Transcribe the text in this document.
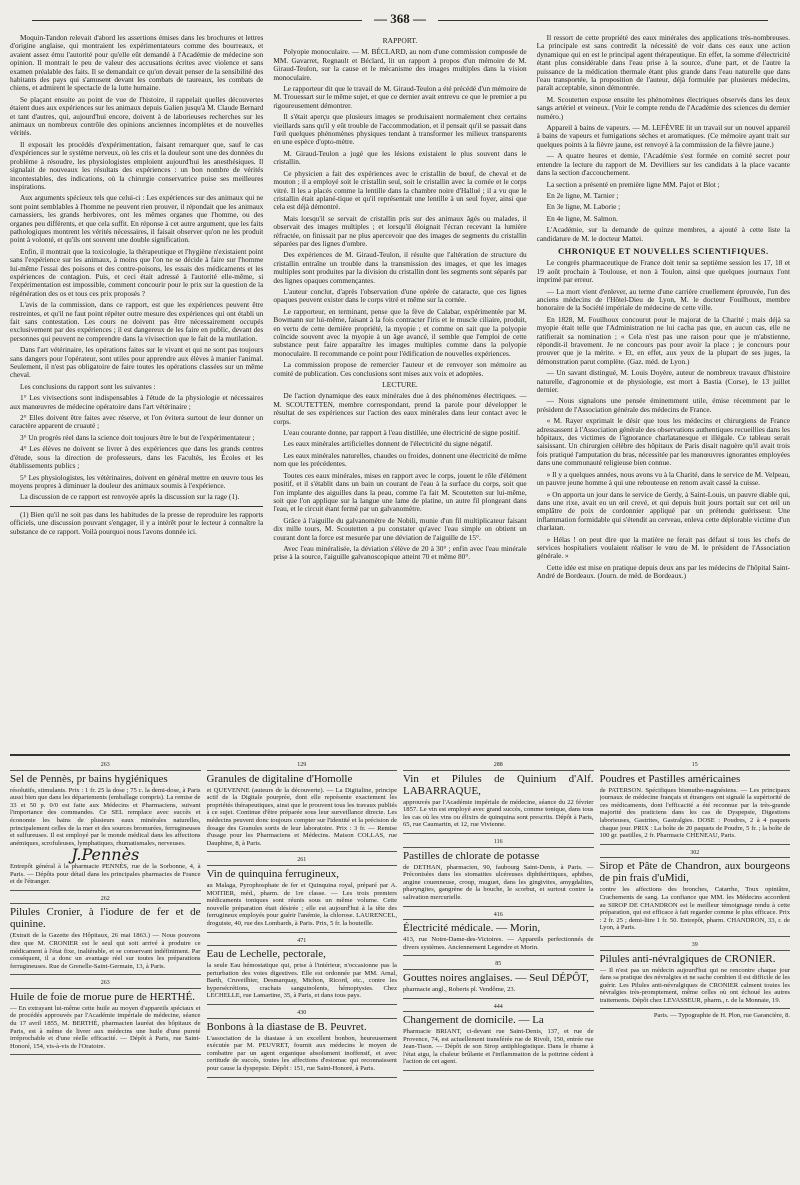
— 368 —

Moquin-Tandon relevait d'abord les assertions émises dans les brochures et lettres d'origine anglaise, qui montraient les expérimentateurs comme des bourreaux, et avaient assez ému l'autorité pour qu'elle eût demandé à l'Académie de médecine son opinion. Il montrait le peu de valeur des accusations écrites avec violence et sans examen préalable des faits. Il se demandait ce qu'on devait penser de la sensibilité des habitants des pays qui s'amusent devant les combats de taureaux, les combats de chiens, et admirent le spectacle de la lutte humaine.

Se plaçant ensuite au point de vue de l'histoire, il rappelait quelles découvertes étaient dues aux expériences sur les animaux depuis Galien jusqu'à M. Claude Bernard et tant d'autres, qui, aujourd'hui encore, doivent à de laborieuses recherches sur les animaux un nombreux contrôle des opinions anciennes incomplètes et de nouvelles vérités.

Il exposait les procédés d'expérimentation, faisant remarquer que, sauf le cas d'expériences sur le système nerveux, où les cris et la douleur sont une des données du problème à résoudre, les physiologistes emploient aujourd'hui les anesthésiques. Il signalait de nouveaux les résultats des expériences : un bon nombre de vérités incontestables, des indications, où la chirurgie conservatrice puise ses meilleures inspirations.

Aux arguments spécieux tels que celui-ci : Les expériences sur des animaux qui ne sont point semblables à l'homme ne peuvent rien prouver, il répondait que les animaux carnassiers, les grands herbivores, ont les mêmes organes que l'homme, ou des organes peu différents, et que cela suffit. En réponse à cet autre argument, que les faits pathologiques montrent les vérités nécessaires, il faisait observer qu'on ne les produit point à volonté, et qu'ils ont souvent une double signification.

Enfin, il montrait que la toxicologie, la thérapeutique et l'hygiène n'existaient point sans l'expérience sur les animaux, à moins que l'on ne se décide à faire sur l'homme lui-même l'essai des poisons et des contre-poisons, les essais des médicaments et les expériences de contagion. Puis, et ceci était adressé à l'autorité elle-même, si l'expérimentation est impossible, comment concourir pour le prix sur la question de la régénération des os et tous ces prix proposés ?

L'avis de la commission, dans ce rapport, est que les expériences peuvent être restreintes, et qu'il ne faut point répéter outre mesure des expériences qui ont établi un fait sans contestation. Les cours ne doivent pas être nécessairement occupés exclusivement par des expériences ; il est dangereux de les faire en public, devant des personnes qui peuvent ne comprendre dans la vivisection que le fait de la mutilation.

Dans l'art vétérinaire, les opérations faites sur le vivant et qui ne sont pas toujours sans dangers pour l'opérateur, sont utiles pour apprendre aux élèves à manier l'animal. Seulement, il n'est pas obligatoire de faire toutes les opérations classées sur un même cheval.

Les conclusions du rapport sont les suivantes :

1° Les vivisections sont indispensables à l'étude de la physiologie et nécessaires aux manœuvres de médecine opératoire dans l'art vétérinaire ;

2° Elles doivent être faites avec réserve, et l'on évitera surtout de leur donner un caractère apparent de cruauté ;

3° Un progrès réel dans la science doit toujours être le but de l'expérimentateur ;

4° Les élèves ne doivent se livrer à des expériences que dans les grands centres d'étude, sous la direction de professeurs, dans les Facultés, les Écoles et les établissements publics ;

5° Les physiologistes, les vétérinaires, doivent en général mettre en œuvre tous les moyens propres à diminuer la douleur des animaux soumis à l'expérience.

La discussion de ce rapport est renvoyée après la discussion sur la rage (1).

(1) Bien qu'il ne soit pas dans les habitudes de la presse de reproduire les rapports officiels, une discussion pouvant s'engager, il y a intérêt pour le lecteur à connaître la substance de ce rapport. Voilà pourquoi nous l'avons donnée ici.

RAPPORT.

Polyopie monoculaire. — M. BÉCLARD, au nom d'une commission composée de MM. Gavarret, Regnault et Béclard, lit un rapport à propos d'un mémoire de M. Giraud-Teulon, sur la cause et le mécanisme des images multiples dans la vision monoculaire.

Le rapporteur dit que le travail de M. Giraud-Teulon a été précédé d'un mémoire de M. Trouessart sur le même sujet, et que ce dernier avait entrevu ce que le premier a pu rigoureusement démontrer.

Il s'était aperçu que plusieurs images se produisaient normalement chez certains vieillards sans qu'il y eût trouble de l'accommodation, et il pensait qu'il se passait dans l'œil quelques phénomènes physiques tendant à transformer les milieux transparents en une espèce d'opto-mètre.

M. Giraud-Teulon a jugé que les lésions existaient le plus souvent dans le cristallin.

Ce physicien a fait des expériences avec le cristallin de bœuf, de cheval et de mouton ; il a employé soit le cristallin seul, soit le cristallin avec la cornée et le corps vitré. Il les a placés comme la lentille dans la chambre noire d'Hallué ; il a vu que le cristallin était aplané-tique et qu'il représentait une lentille à un seul foyer, ainsi que cela est déjà démontré.

Mais lorsqu'il se servait de cristallin pris sur des animaux âgés ou malades, il observait des images multiples ; et lorsqu'il éloignait l'écran recevant la lumière réfractée, on finissait par ne plus apercevoir que des images de segments du cristallin séparées par des lignes d'ombre.

Des expériences de M. Giraud-Teulon, il résulte que l'altération de structure du cristallin entraîne un trouble dans la transmission des images, et que les images multiples sont produites par la division du cristallin dont les segments sont séparés par des lignes opaques commençantes.

L'auteur conclut, d'après l'observation d'une opérée de cataracte, que ces lignes opaques peuvent exister dans le corps vitré et même sur la cornée.

Le rapporteur, en terminant, pense que la fève de Calabar, expérimentée par M. Bowmann sur lui-même, faisant à la fois contracter l'iris et le muscle ciliaire, produit, en vertu de cette dernière propriété, la myopie ; et comme on sait que la polyopie coïncide souvent avec la myopie à un âge avancé, il semble que l'emploi de cette substance peut faire apparaître les images multiples comme dans la polyopie monoculaire. Il recommande ce point pour l'édification de nouvelles expériences.

La commission propose de remercier l'auteur et de renvoyer son mémoire au comité de publication. Ces conclusions sont mises aux voix et adoptées.

LECTURE.

De l'action dynamique des eaux minérales due à des phénomènes électriques. — M. SCOUTETTEN, membre correspondant, prend la parole pour développer le résultat de ses expériences sur l'action des eaux minérales dans leur contact avec le corps.

L'eau courante donne, par rapport à l'eau distillée, une électricité de signe positif.

Les eaux minérales artificielles donnent de l'électricité du signe négatif.

Les eaux minérales naturelles, chaudes ou froides, donnent une électricité de même nom que les précédentes.

Toutes ces eaux minérales, mises en rapport avec le corps, jouent le rôle d'élément positif, et il s'établit dans un bain un courant de l'eau à la surface du corps, soit que l'on implante des aiguilles dans la peau, comme l'a fait M. Scoutetten sur lui-même, soit que l'on applique sur la langue une lame de platine, un autre fil plongeant dans l'eau, et le circuit étant fermé par un galvanomètre.

Grâce à l'aiguille du galvanomètre de Nobili, munie d'un fil multiplicateur faisant dix mille tours, M. Scoutetten a pu constater qu'avec l'eau simple on obtient un courant dont la force est mesurée par une déviation de l'aiguille de 15°.

Avec l'eau minéralisée, la déviation s'élève de 20 à 30° ; enfin avec l'eau minérale prise à la source, l'aiguille galvanoscopique atteint 70 et même 80°.

Il ressort de cette propriété des eaux minérales des applications très-nombreuses. La principale est sans contredit la nécessité de voir dans ces eaux une action dynamique qui en est le principal agent thérapeutique. En effet, la somme d'électricité étant plus considérable dans l'eau prise à la source, d'une part, et de l'autre la puissance de la médication thermale étant plus grande dans l'eau naturelle que dans l'eau transportée, la proposition de l'auteur, déjà formulée par plusieurs médecins, paraît acceptable, sinon démontrée.

M. Scoutetten expose ensuite les phénomènes électriques observés dans les deux sangs artériel et veineux. (Voir le compte rendu de l'Académie des sciences du dernier numéro.)

Appareil à bains de vapeurs. — M. LEFÈVRE lit un travail sur un nouvel appareil à bains de vapeurs et fumigations sèches et aromatiques. (Ce mémoire ayant trait sur quelques points à la fièvre jaune, est renvoyé à la commission de la fièvre jaune.)

— A quatre heures et demie, l'Académie s'est formée en comité secret pour entendre la lecture du rapport de M. Devilliers sur les candidats à la place vacante dans la section d'accouchement.

La section a présenté en première ligne MM. Pajot et Blot ;

En 2e ligne, M. Tarnier ;

En 3e ligne, M. Laborie ;

En 4e ligne, M. Salmon.

L'Académie, sur la demande de quinze membres, a ajouté à cette liste la candidature de M. le docteur Mattei.

CHRONIQUE ET NOUVELLES SCIENTIFIQUES.

Le congrès pharmaceutique de France doit tenir sa septième session les 17, 18 et 19 août prochain à Toulouse, et non à Toulon, ainsi que quelques journaux l'ont imprimé par erreur.

— La mort vient d'enlever, au terme d'une carrière cruellement éprouvée, l'un des anciens médecins de l'Hôtel-Dieu de Lyon, M. le docteur Fouilhoux, membre honoraire de la Société impériale de médecine de cette ville.

En 1828, M. Fouilhoux concourut pour le majorat de la Charité ; mais déjà sa myopie était telle que l'Administration ne lui cacha pas que, en aucun cas, elle ne ratifierait sa nomination ; « Cela n'est pas une raison pour que je m'abstienne, répondit-il bravement. Je ne concours pas pour avoir la place ; je concours pour prouver que je la mérite. » Et, en effet, aux yeux de la plupart de ses juges, la démonstration parut complète. (Gaz. méd. de Lyon.)

— Un savant distingué, M. Louis Doyère, auteur de nombreux travaux d'histoire naturelle, d'agronomie et de physiologie, est mort à Bastia (Corse), le 13 juillet dernier.

— Nous signalons une pensée éminemment utile, émise récemment par le président de l'Association générale des médecins de France.

« M. Rayer exprimait le désir que tous les médecins et chirurgiens de France adressassent à l'Association générale des observations authentiques recueillies dans les hôpitaux, des victimes de l'ignorance charlatanesque et illégale. Ce tableau serait saisissant. Un chirurgien célèbre des hôpitaux de Paris disait naguère qu'il avait trois fois pratiqué l'amputation du bras, nécessitée par les manœuvres ignorantes employées dans une communauté religieuse bien connue.

» Il y a quelques années, nous avons vu à la Charité, dans le service de M. Velpeau, un pauvre jeune homme à qui une rebouteuse en renom avait cassé la cuisse.

» On apporta un jour dans le service de Gerdy, à Saint-Louis, un pauvre diable qui, dans une rixe, avait eu un œil crevé, et qui depuis huit jours portait sur cet œil un emplâtre de poix de cordonnier appliqué par un prétendu guérisseur. Une inflammation formidable qui s'étendit au cerveau, enleva cette déplorable victime d'un charlatan.

» Hélas ! on peut dire que la matière ne ferait pas défaut si tous les chefs de services hospitaliers voulaient réaliser le vœu de M. le président de l'Association générale. »

Cette idée est mise en pratique depuis deux ans par les médecins de l'hôpital Saint-André de Bordeaux. (Journ. de méd. de Bordeaux.)

263
Sel de Pennès, pr bains hygiéniques

résolutifs, stimulants. Prix : 1 fr. 25 la dose ; 75 c. la demi-dose, à Paris aussi bien que dans les départements (emballage compris). La remise de 33 et 50 p. 0/0 est faite aux Médecins et Pharmaciens, suivant l'importance des commandes. Ce SEL remplace avec succès et économie les bains de plusieurs eaux minérales naturelles, principalement celles de la mer et des sources bromurées, ferrugineuses et sulfureuses. Il est employé par le monde médical dans les affections anémiques, scrofuleuses, lymphatiques, rhumatismales, nerveuses.

J.Pennès

Entrepôt général à la pharmacie PENNÈS, rue de la Sorbonne, 4, à Paris. — Dépôts pour détail dans les principales pharmacies de France et de l'étranger.

262
Pilules Cronier, à l'iodure de fer et de quinine.

(Extrait de la Gazette des Hôpitaux, 26 mai 1863.) — Nous pouvons dire que M. CRONIER est le seul qui soit arrivé à produire ce médicament à l'état fixe, inaltérable, et se conservant indéfiniment. Par conséquent, il a donc un avantage réel sur toutes les préparations ferrugineuses. Rue de Grenelle-Saint-Germain, 13, à Paris.

263
Huile de foie de morue pure de HERTHÉ.

— En extrayant lui-même cette huile au moyen d'appareils spéciaux et de procédés approuvés par l'Académie impériale de médecine, séance du 17 avril 1855, M. BERTHÉ, pharmacien lauréat des hôpitaux de Paris, est à même de livrer aux médecins une huile d'une pureté irréprochable et d'une réelle efficacité. — Dépôt à Paris, rue Saint-Honoré, 154, vis-à-vis de l'Oratoire.

129
Granules de digitaline d'Homolle

et QUEVENNE (auteurs de la découverte). — La Digitaline, principe actif de la Digitale pourprée, dont elle représente exactement les propriétés thérapeutiques, ainsi que le prouvent tous les travaux publiés à ce sujet. Continue d'être préparée sous leur surveillance directe. Les médecins peuvent donc toujours compter sur l'identité et la précision de dosage des Granules sortis de leur laboratoire. Prix : 3 fr. — Remise d'usage pour les Pharmaciens et Médecins. Maison COLLAS, rue Dauphine, 8, à Paris.

261
Vin de quinquina ferrugineux,

au Malaga, Pyrophosphate de fer et Quinquina royal, préparé par A. MOITIER, méd., pharm. de 1re classe. — Les trois premiers médicaments toniques sont réunis sous un même volume. Cette nouvelle préparation était désirée ; elle est aujourd'hui à la tête des ferrugineux employés pour guérir l'anémie, la chlorose. LAURENCEL, droguiste, 40, rue des Lombards, à Paris. Prix, 5 fr. la bouteille.

471
Eau de Lechelle, pectorale,

la seule Eau hémostatique qui, prise à l'intérieur, n'occasionne pas la perturbation des voies digestives. Elle est ordonnée par MM. Arnal, Barth, Cruveilhier, Desmarquay, Michon, Ricord, etc., contre les hypersécrétions, crachats sanguinolents, hémoptysies. Chez LECHELLE, rue Lamartine, 35, à Paris, et dans tous pays.

430
Bonbons à la diastase de B. Peuvret.

L'association de la diastase à un excellent bonbon, heureusement exécutée par M. PEUVRET, fournit aux médecins le moyen de combattre par un agent organique absolument inoffensif, et avec certitude de succès, toutes les affections d'estomac qui reconnaissent pour cause la dyspepsie. Dépôt : 151, rue Saint-Honoré, à Paris.

288
Vin et Pilules de Quinium d'Alf. LABARRAQUE,

approuvés par l'Académie impériale de médecine, séance du 22 février 1857. Le vin est employé avec grand succès, comme tonique, dans tous les cas où les vins ou élixirs de quinquina sont prescrits. Dépôt à Paris, 65, rue Caumartin, et 12, rue Vivienne.

116
Pastilles de chlorate de potasse

de DETHAN, pharmacien, 90, faubourg Saint-Denis, à Paris. — Préconisées dans les stomatites ulcéreuses diphthéritiques, aphthes, angine couenneuse, croup, muguet, dans les gingivites, amygdalites, pharyngites, gangrène de la bouche, le scorbut, et surtout contre la salivation mercurielle.

416
Électricité médicale. — Morin,

413, rue Notre-Dame-des-Victoires. — Appareils perfectionnés de divers systèmes. Anciennement Legendre et Morin.

85
Gouttes noires anglaises. — Seul DÉPÔT,

pharmacie angl., Roberts pl. Vendôme, 23.

444
Changement de domicile. — La

Pharmacie BRIANT, ci-devant rue Saint-Denis, 137, et rue de Provence, 74, est actuellement transférée rue de Rivoli, 150, entrée rue Jean-Tison. — Dépôt de son Sirop antiphlogistique. Dans le rhume à l'état aigu, la chaleur brûlante et l'inflammation de la poitrine cèdent à l'action de cet agent.

15
Poudres et Pastilles américaines

de PATERSON. Spécifiques bismutho-magnésiens. — Les principaux journaux de médecine français et étrangers ont signalé la supériorité de ces médicaments, dont l'efficacité a été reconnue par la très-grande majorité des praticiens dans les cas de Dyspepsie, Digestions laborieuses, Gastrites, Gastralgies. DOSE : Poudres, 2 à 4 paquets chaque jour. PRIX : La boîte de 20 paquets de Poudre, 5 fr. ; la boîte de 100 gr. pastilles, 2 fr. Pharmacie CHENEAU, Paris.

302
Sirop et Pâte de Chandron, aux bourgeons de pin frais d'uMidi,

contre les affections des bronches, Catarrhe, Toux opiniâtre, Crachements de sang. La confiance que MM. les Médecins accordent au SIROP DE CHANDRON est le meilleur témoignage rendu à cette préparation, qui est efficace à fait regarder comme le plus efficace. Prix : 2 fr. 25 ; demi-litre 1 fr. 50. Entrepôt, pharm. CHANDRON, 33, r. de Lyon, à Paris.

39
Pilules anti-névralgiques de CRONIER.

— Il n'est pas un médecin aujourd'hui qui ne rencontre chaque jour dans sa pratique des névralgies et ne sache combien il est difficile de les guérir. Les Pilules anti-névralgiques de CRONIER calment toutes les névralgies très-promptement, même celles où ont échoué les autres traitements. Dépôt chez LEVASSEUR, pharm., r. de la Monnaie, 19.

Paris. — Typographie de H. Plon, rue Garancière, 8.
